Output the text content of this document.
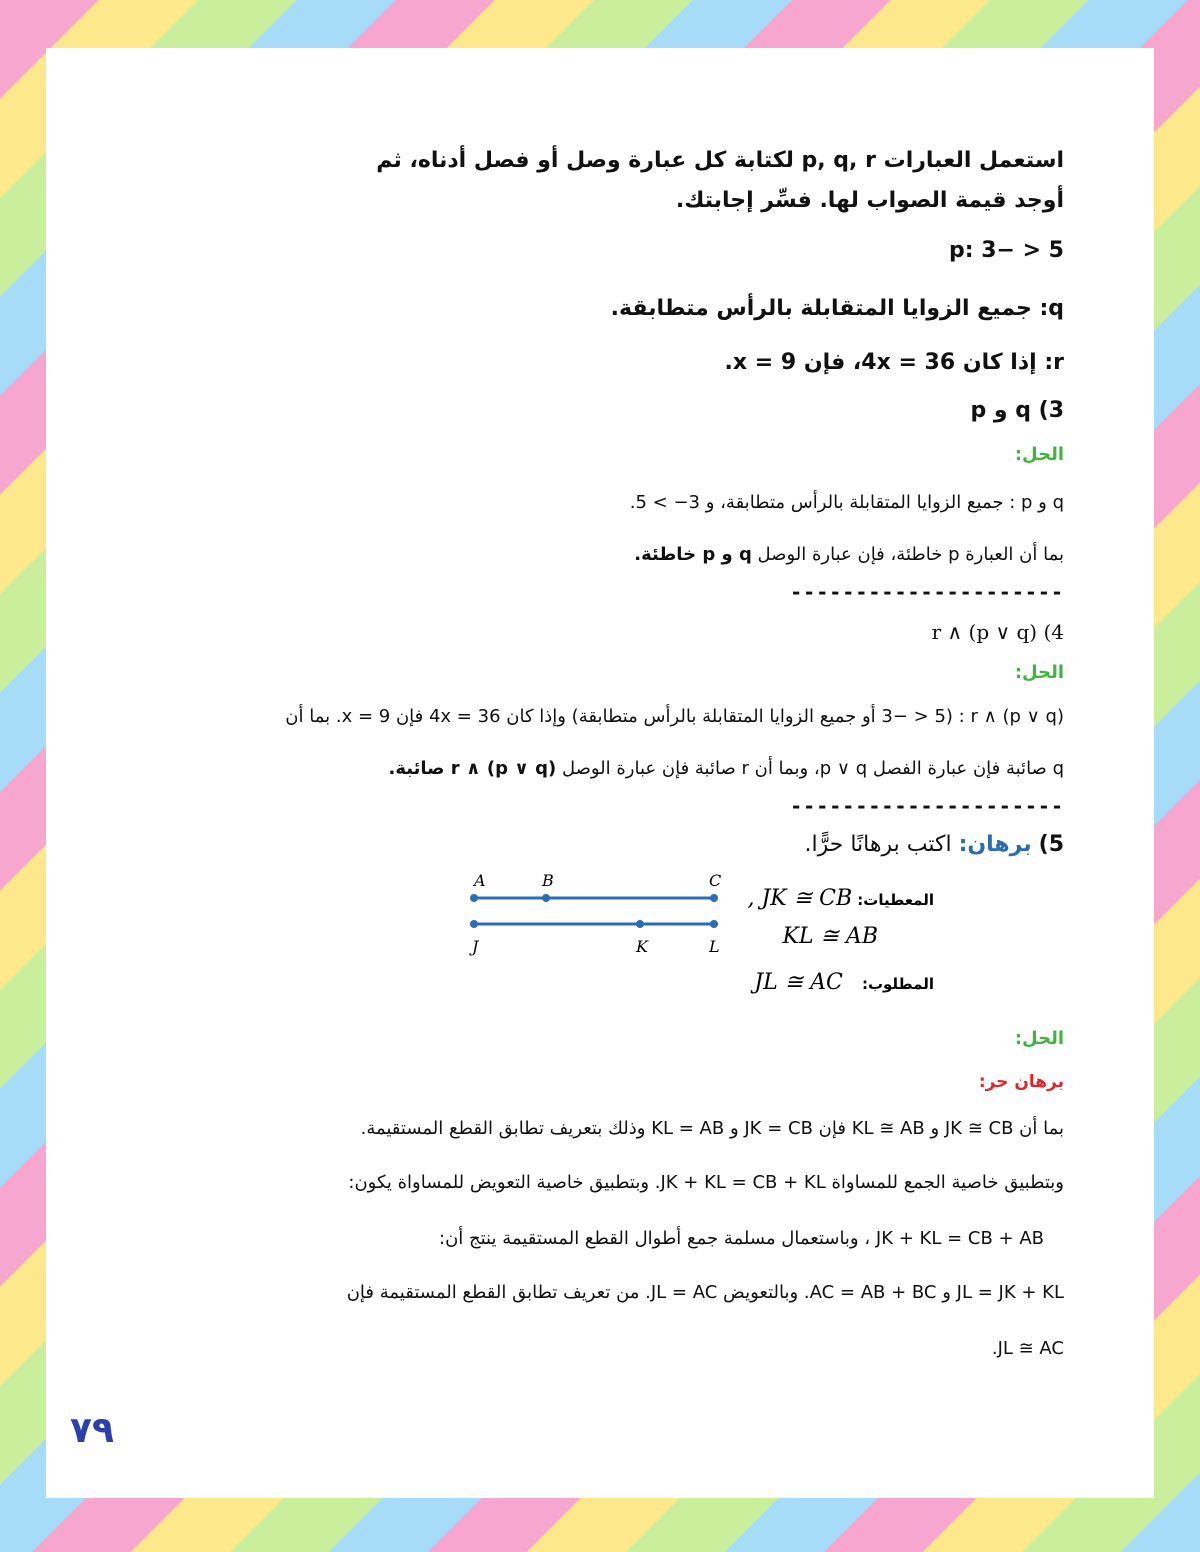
استعمل العبارات p, q, r لكتابة كل عبارة وصل أو فصل أدناه، ثم
أوجد قيمة الصواب لها. فسِّر إجابتك.
p: 3− > 5
q: جميع الزوايا المتقابلة بالرأس متطابقة.
r: إذا كان 4x = 36، فإن x = 9.
3) q و p
الحل:
q و p : جميع الزوايا المتقابلة بالرأس متطابقة، و 3− > 5.
بما أن العبارة p خاطئة، فإن عبارة الوصل q و p خاطئة.
---------------------
4) (p ∨ q) ∧ r
الحل:
(p ∨ q) ∧ r : (3− > 5 أو جميع الزوايا المتقابلة بالرأس متطابقة) وإذا كان 4x = 36 فإن x = 9. بما أن
q صائبة فإن عبارة الفصل p ∨ q، وبما أن r صائبة فإن عبارة الوصل (p ∨ q) ∧ r صائبة.
---------------------
5) برهان: اكتب برهانًا حرًّا.
المعطيات: JK ≅ CB ,
KL ≅ AB
المطلوب: JL ≅ AC
A	B	C
J	K	L
الحل:
برهان حر:
بما أن JK ≅ CB و KL ≅ AB فإن JK = CB و KL = AB وذلك بتعريف تطابق القطع المستقيمة.
وبتطبيق خاصية الجمع للمساواة JK + KL = CB + KL. وبتطبيق خاصية التعويض للمساواة يكون:
JK + KL = CB + AB ، وباستعمال مسلمة جمع أطوال القطع المستقيمة ينتج أن:
JL = JK + KL و AC = AB + BC. وبالتعويض JL = AC. من تعريف تطابق القطع المستقيمة فإن
JL ≅ AC.
٧٩
